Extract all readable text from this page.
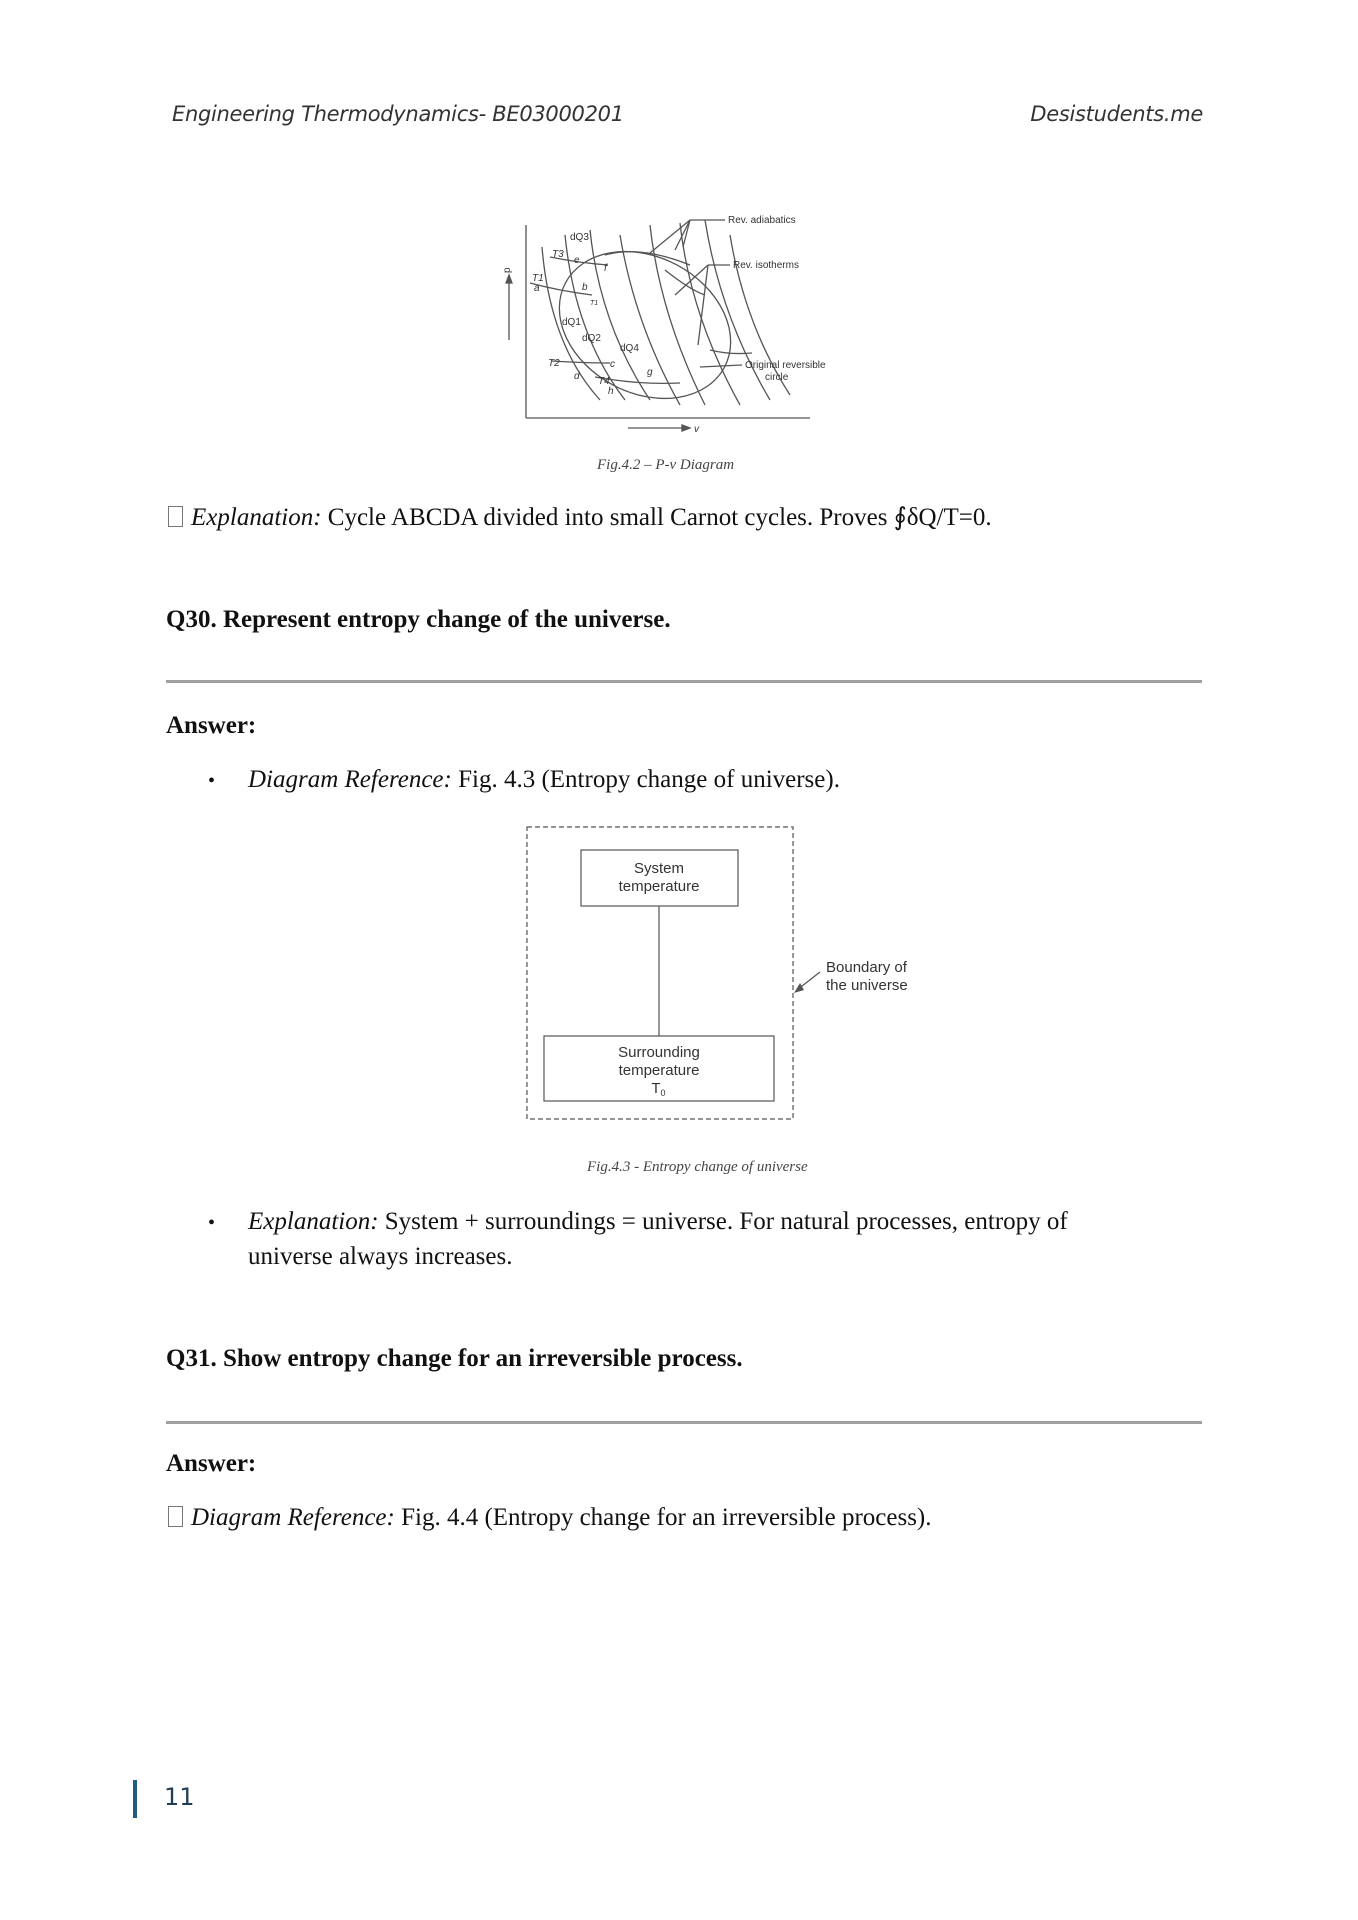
Engineering Thermodynamics- BE03000201	Desistudents.me
p
v
dQ3
T3
e
f
T1
a	b
T1
dQ1
dQ2
dQ4
T2	c
d	g
T4
h
Rev. adiabatics
Rev. isotherms
Original reversible
circle
Fig.4.2 – P-v Diagram
Explanation: Cycle ABCDA divided into small Carnot cycles. Proves ∮δQ/T=0.
Q30. Represent entropy change of the universe.
Answer:
• Diagram Reference: Fig. 4.3 (Entropy change of universe).
System
temperature
Surrounding
temperature
T 0
Boundary of
the universe
Fig.4.3 - Entropy change of universe
• Explanation: System + surroundings = universe. For natural processes, entropy of
universe always increases.
Q31. Show entropy change for an irreversible process.
Answer:
Diagram Reference: Fig. 4.4 (Entropy change for an irreversible process).
11
